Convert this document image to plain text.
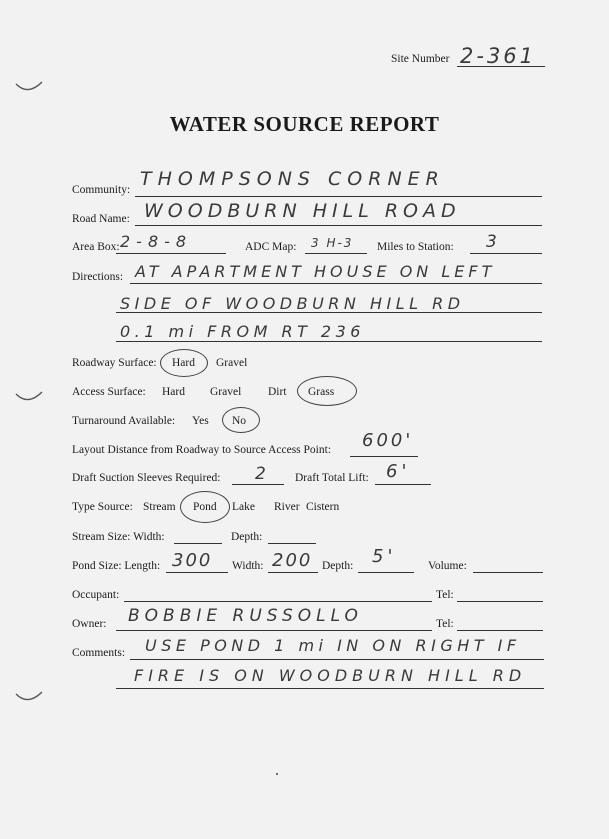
Site Number 2-361
WATER SOURCE REPORT
Community: THOMPSONS CORNER
Road Name: WOODBURN HILL ROAD
Area Box: 2-8-8	ADC Map: 3 H-3 Miles to Station: 3
Directions: AT APARTMENT HOUSE ON LEFT
SIDE OF WOODBURN HILL RD
0.1 mi FROM RT 236
Roadway Surface: Hard Gravel
Access Surface: Hard Gravel Dirt Grass
Turnaround Available: Yes No
Layout Distance from Roadway to Source Access Point: 600'
Draft Suction Sleeves Required: 2 Draft Total Lift: 6'
Type Source: Stream Pond Lake River Cistern
Stream Size: Width:	Depth:
Pond Size: Length: 300 Width: 200 Depth: 5'	Volume:
Occupant:	Tel:
Owner: BOBBIE RUSSOLLO	Tel:
Comments: USE POND 1 mi IN ON RIGHT IF
FIRE IS ON WOODBURN HILL RD
